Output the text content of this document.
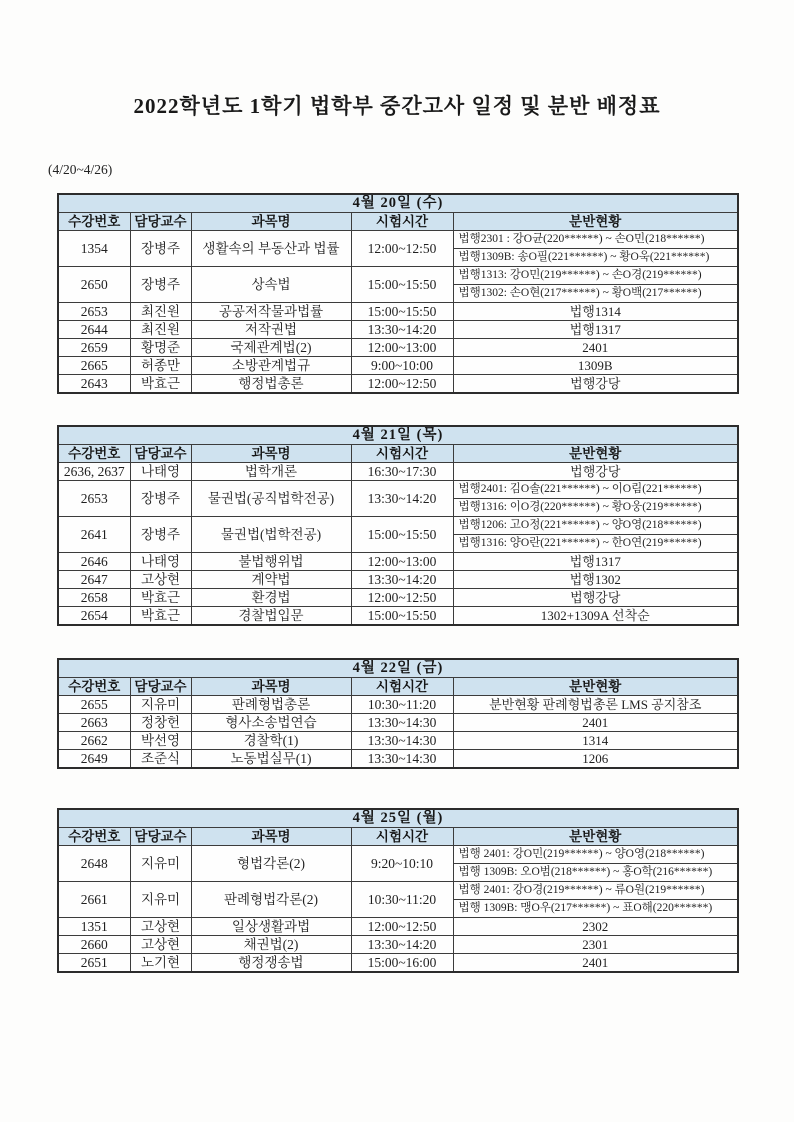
2022학년도 1학기 법학부 중간고사 일정 및 분반 배정표
(4/20~4/26)
4월 20일 (수)				
수강번호	담당교수	과목명	시험시간	분반현황
1354	장병주	생활속의 부동산과 법률	12:00~12:50	법행2301 : 강O균(220******) ~ 손O민(218******)
법행1309B: 송O필(221******) ~ 황O욱(221******)

2650	장병주	상속법	15:00~15:50	법행1313: 강O민(219******) ~ 손O경(219******)
법행1302: 손O현(217******) ~ 황O백(217******)

2653	최진원	공공저작물과법률	15:00~15:50	법행1314
2644	최진원	저작권법	13:30~14:20	법행1317
2659	황명준	국제관계법(2)	12:00~13:00	2401
2665	허종만	소방관계법규	9:00~10:00	1309B
2643	박효근	행정법총론	12:00~12:50	법행강당
4월 21일 (목)				
수강번호	담당교수	과목명	시험시간	분반현황
2636, 2637	나태영	법학개론	16:30~17:30	법행강당
2653	장병주	물권법(공직법학전공)	13:30~14:20	법행2401: 김O솔(221******) ~ 이O림(221******)
법행1316: 이O경(220******) ~ 황O웅(219******)

2641	장병주	물권법(법학전공)	15:00~15:50	법행1206: 고O정(221******) ~ 양O영(218******)
법행1316: 양O란(221******) ~ 한O연(219******)

2646	나태영	불법행위법	12:00~13:00	법행1317
2647	고상현	계약법	13:30~14:20	법행1302
2658	박효근	환경법	12:00~12:50	법행강당
2654	박효근	경찰법입문	15:00~15:50	1302+1309A 선착순
4월 22일 (금)				
수강번호	담당교수	과목명	시험시간	분반현황
2655	지유미	판례형법총론	10:30~11:20	분반현황 판례형법총론 LMS 공지참조
2663	정창헌	형사소송법연습	13:30~14:30	2401
2662	박선영	경찰학(1)	13:30~14:30	1314
2649	조준식	노동법실무(1)	13:30~14:30	1206
4월 25일 (월)				
수강번호	담당교수	과목명	시험시간	분반현황
2648	지유미	형법각론(2)	9:20~10:10	법행 2401: 강O민(219******) ~ 양O영(218******)
법행 1309B: 오O범(218******) ~ 홍O학(216******)

2661	지유미	판례형법각론(2)	10:30~11:20	법행 2401: 강O경(219******) ~ 류O원(219******)
법행 1309B: 맹O우(217******) ~ 표O해(220******)

1351	고상현	일상생활과법	12:00~12:50	2302
2660	고상현	채권법(2)	13:30~14:20	2301
2651	노기현	행정쟁송법	15:00~16:00	2401
